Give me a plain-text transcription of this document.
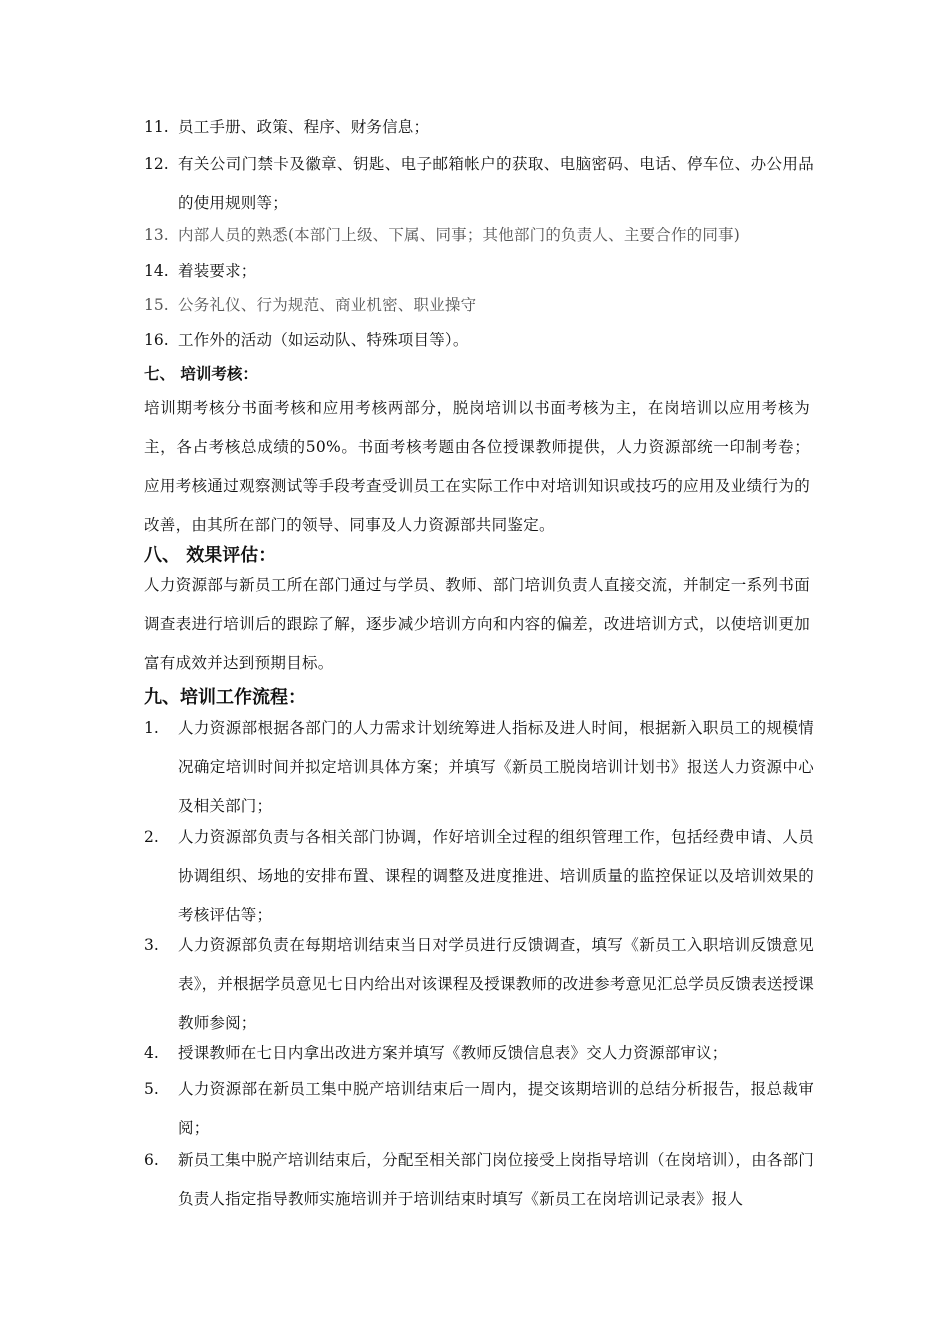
11. 员工手册、政策、程序、财务信息；
12. 有关公司门禁卡及徽章、钥匙、电子邮箱帐户的获取、电脑密码、电话、停车位、办公用品的使用规则等；
13. 内部人员的熟悉(本部门上级、下属、同事；其他部门的负责人、主要合作的同事)
14. 着装要求；
15. 公务礼仪、行为规范、商业机密、职业操守
16. 工作外的活动（如运动队、特殊项目等）。
七、 培训考核：
培训期考核分书面考核和应用考核两部分，脱岗培训以书面考核为主，在岗培训以应用考核为主，各占考核总成绩的50%。书面考核考题由各位授课教师提供，人力资源部统一印制考卷；应用考核通过观察测试等手段考查受训员工在实际工作中对培训知识或技巧的应用及业绩行为的改善，由其所在部门的领导、同事及人力资源部共同鉴定。
八、 效果评估：
人力资源部与新员工所在部门通过与学员、教师、部门培训负责人直接交流，并制定一系列书面调查表进行培训后的跟踪了解，逐步减少培训方向和内容的偏差，改进培训方式，以使培训更加富有成效并达到预期目标。
九、培训工作流程：
1.	人力资源部根据各部门的人力需求计划统筹进人指标及进人时间，根据新入职员工的规模情况确定培训时间并拟定培训具体方案；并填写《新员工脱岗培训计划书》报送人力资源中心及相关部门；
2.	人力资源部负责与各相关部门协调，作好培训全过程的组织管理工作，包括经费申请、人员协调组织、场地的安排布置、课程的调整及进度推进、培训质量的监控保证以及培训效果的考核评估等；
3.	人力资源部负责在每期培训结束当日对学员进行反馈调查，填写《新员工入职培训反馈意见表》，并根据学员意见七日内给出对该课程及授课教师的改进参考意见汇总学员反馈表送授课教师参阅；
4.	授课教师在七日内拿出改进方案并填写《教师反馈信息表》交人力资源部审议；
5.	人力资源部在新员工集中脱产培训结束后一周内，提交该期培训的总结分析报告，报总裁审阅；
6.	新员工集中脱产培训结束后，分配至相关部门岗位接受上岗指导培训（在岗培训），由各部门负责人指定指导教师实施培训并于培训结束时填写《新员工在岗培训记录表》报人
